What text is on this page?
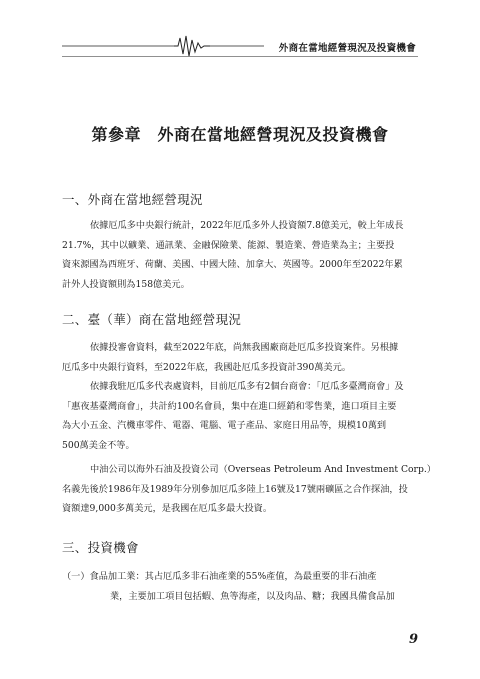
外商在當地經營現況及投資機會
第參章　外商在當地經營現況及投資機會
一、外商在當地經營現況
依據厄瓜多中央銀行統計，2022年厄瓜多外人投資額7.8億美元，較上年成長
21.7%，其中以礦業、通訊業、金融保險業、能源、製造業、營造業為主；主要投
資來源國為西班牙、荷蘭、美國、中國大陸、加拿大、英國等。2000年至2022年累
計外人投資額則為158億美元。
二、臺（華）商在當地經營現況
依據投審會資料，截至2022年底，尚無我國廠商赴厄瓜多投資案件。另根據
厄瓜多中央銀行資料，至2022年底，我國赴厄瓜多投資計390萬美元。
依據我駐厄瓜多代表處資料，目前厄瓜多有2個台商會：「厄瓜多臺灣商會」及
「惠夜基臺灣商會」，共計約100名會員，集中在進口經銷和零售業，進口項目主要
為大小五金、汽機車零件、電器、電腦、電子產品、家庭日用品等，規模10萬到
500萬美金不等。
中油公司以海外石油及投資公司（Overseas Petroleum And Investment Corp.）
名義先後於1986年及1989年分別參加厄瓜多陸上16號及17號兩礦區之合作探油，投
資額達9,000多萬美元，是我國在厄瓜多最大投資。
三、投資機會
（一）食品加工業：其占厄瓜多非石油產業的55%產值，為最重要的非石油產
業，主要加工項目包括蝦、魚等海產，以及肉品、糖；我國具備食品加
9
